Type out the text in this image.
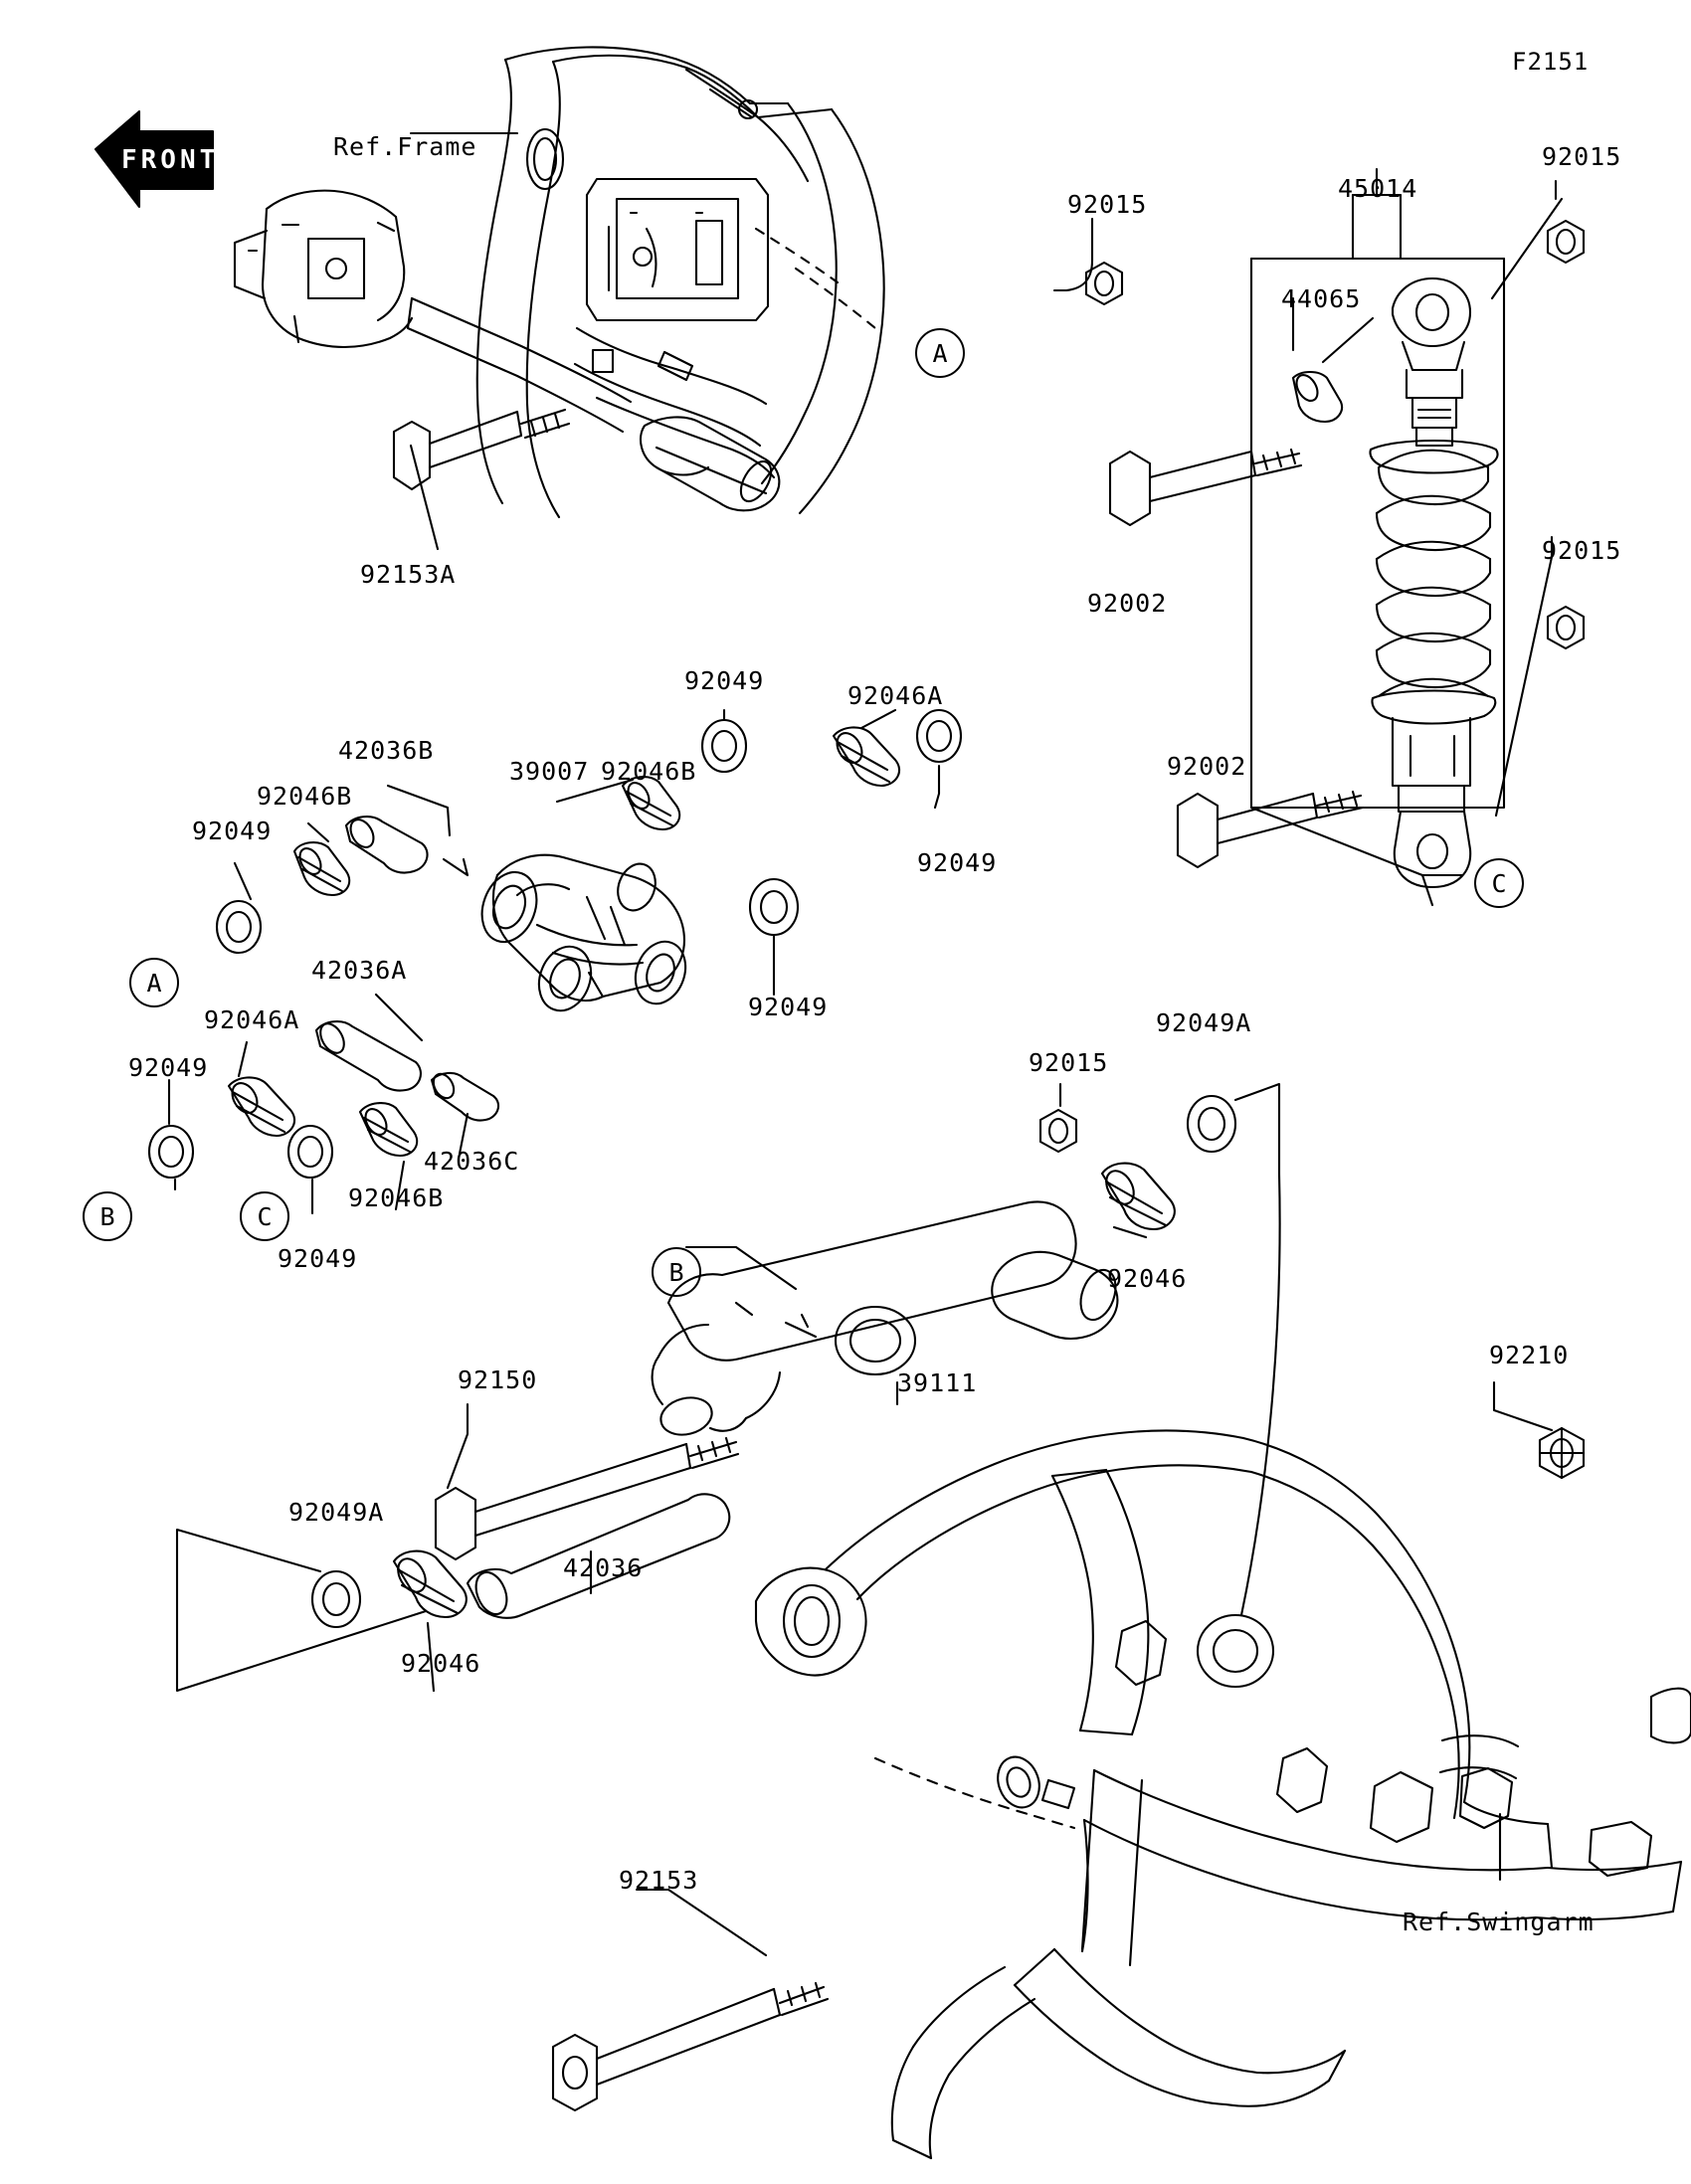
FRONT
F2151
Ref.Frame
Ref.Swingarm
A
C
A
B	C
B
92015
45014
92015
44065
92153A
92002
92015
92002
92049
92046A
92046B
42036B
39007
92046B
92049
92049
42036A
92049
92046A
92049
42036C
92046B
92049
92015
92049A
92046
92210
92150	39111
42036
92049A
92046
92153
